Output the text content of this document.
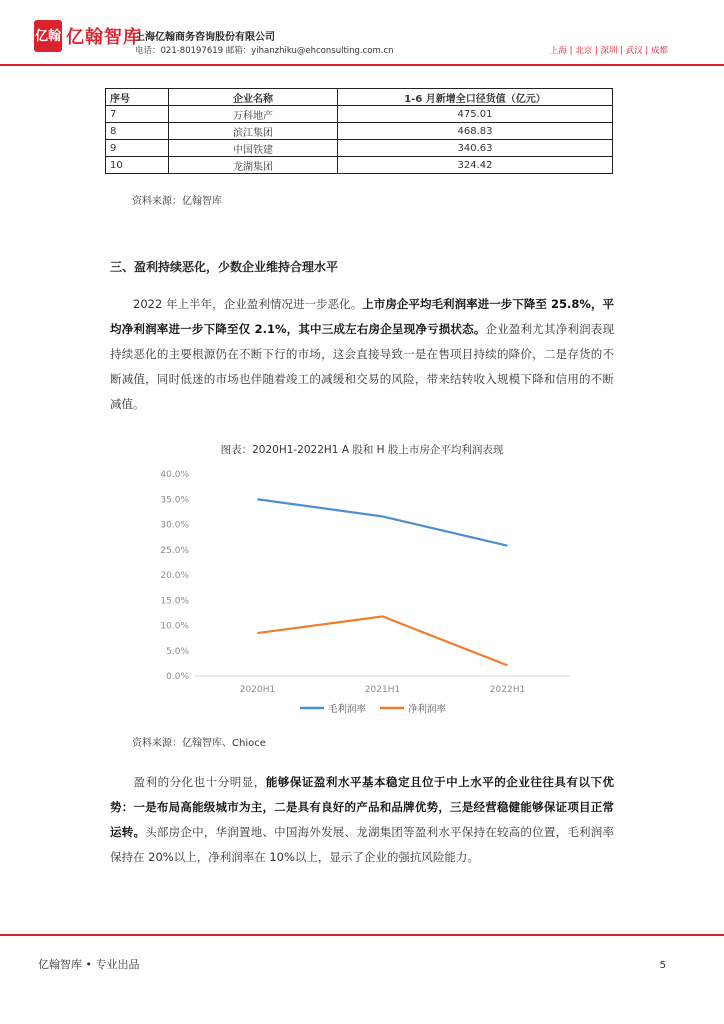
亿翰 亿翰智库
上海亿翰商务咨询股份有限公司
电话：021-80197619 邮箱：yihanzhiku@ehconsulting.com.cn	上海 | 北京 | 深圳 | 武汉 | 成都
序号	企业名称	1-6 月新增全口径货值（亿元）
7	万科地产	475.01
8	滨江集团	468.83
9	中国铁建	340.63
10	龙湖集团	324.42
资料来源：亿翰智库
三、盈利持续恶化，少数企业维持合理水平
2022 年上半年，企业盈利情况进一步恶化。上市房企平均毛利润率进一步下降至 25.8%，平均净利润率进一步下降至仅 2.1%，其中三成左右房企呈现净亏损状态。企业盈利尤其净利润表现持续恶化的主要根源仍在不断下行的市场，这会直接导致一是在售项目持续的降价，二是存货的不断减值，同时低迷的市场也伴随着竣工的减缓和交易的风险，带来结转收入规模下降和信用的不断减值。
图表：2020H1-2022H1 A 股和 H 股上市房企平均利润表现
0.0%
5.0%
10.0%
15.0%
20.0%
25.0%
30.0%
35.0%
40.0%
2020H1	2021H1	2022H1
毛利润率	净利润率
资料来源：亿翰智库、Chioce
盈利的分化也十分明显，能够保证盈利水平基本稳定且位于中上水平的企业往往具有以下优势：一是布局高能级城市为主，二是具有良好的产品和品牌优势，三是经营稳健能够保证项目正常运转。头部房企中，华润置地、中国海外发展、龙湖集团等盈利水平保持在较高的位置，毛利润率保持在 20%以上，净利润率在 10%以上，显示了企业的强抗风险能力。
亿翰智库 • 专业出品	5
